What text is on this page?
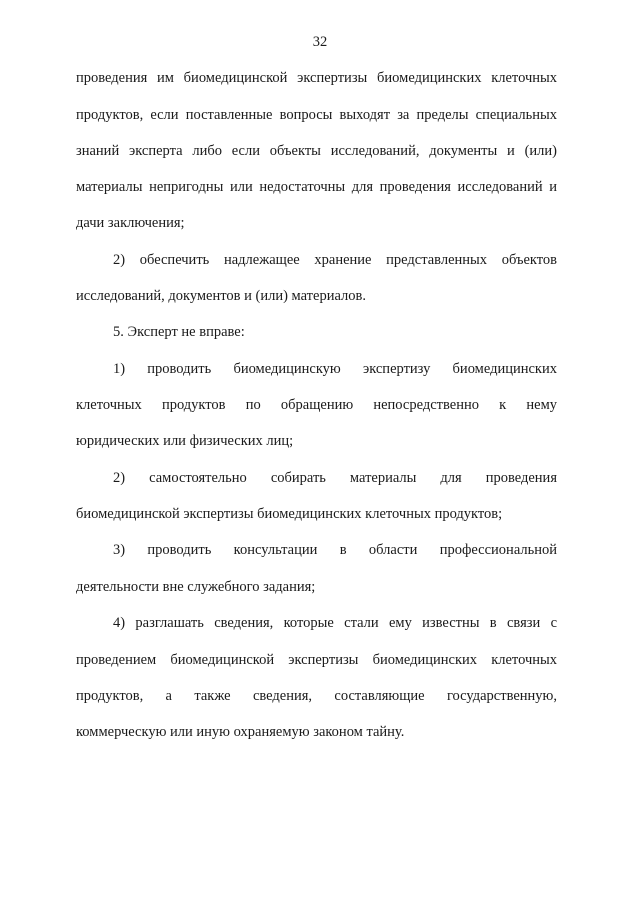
32

проведения им биомедицинской экспертизы биомедицинских клеточных

продуктов, если поставленные вопросы выходят за пределы специальных

знаний эксперта либо если объекты исследований, документы и (или)

материалы непригодны или недостаточны для проведения исследований и

дачи заключения;

2) обеспечить надлежащее хранение представленных объектов

исследований, документов и (или) материалов.

5. Эксперт не вправе:

1) проводить биомедицинскую экспертизу биомедицинских

клеточных продуктов по обращению непосредственно к нему

юридических или физических лиц;

2) самостоятельно собирать материалы для проведения

биомедицинской экспертизы биомедицинских клеточных продуктов;

3) проводить консультации в области профессиональной

деятельности вне служебного задания;

4) разглашать сведения, которые стали ему известны в связи с

проведением биомедицинской экспертизы биомедицинских клеточных

продуктов, а также сведения, составляющие государственную,

коммерческую или иную охраняемую законом тайну.
